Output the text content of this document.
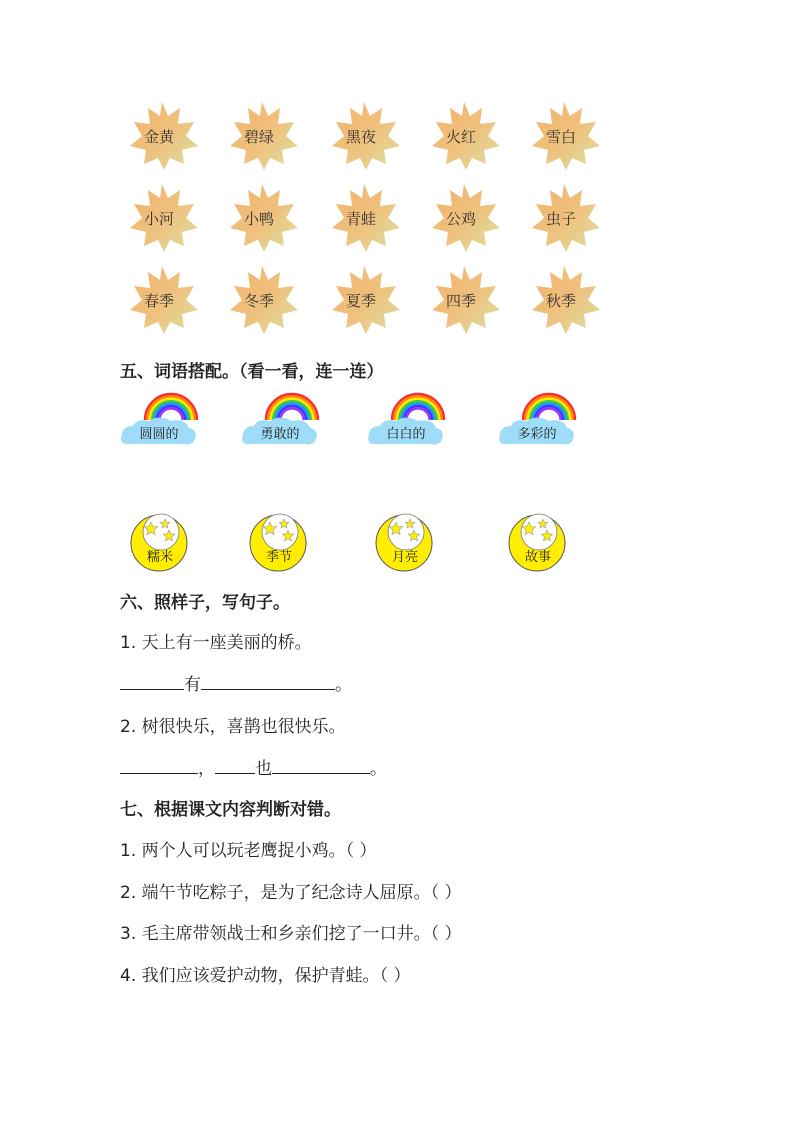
金黄	碧绿	黑夜	火红	雪白
小河	小鸭	青蛙	公鸡	虫子
春季	冬季	夏季	四季	秋季
五、词语搭配。（看一看，连一连）
圆圆的	勇敢的	白白的	多彩的
糯米	季节	月亮	故事
六、照样子，写句子。
1. 天上有一座美丽的桥。
有	。
2. 树很快乐，喜鹊也很快乐。
， 也	。
七、根据课文内容判断对错。
1. 两个人可以玩老鹰捉小鸡。（ ）
2. 端午节吃粽子，是为了纪念诗人屈原。（ ）
3. 毛主席带领战士和乡亲们挖了一口井。（ ）
4. 我们应该爱护动物，保护青蛙。（ ）
